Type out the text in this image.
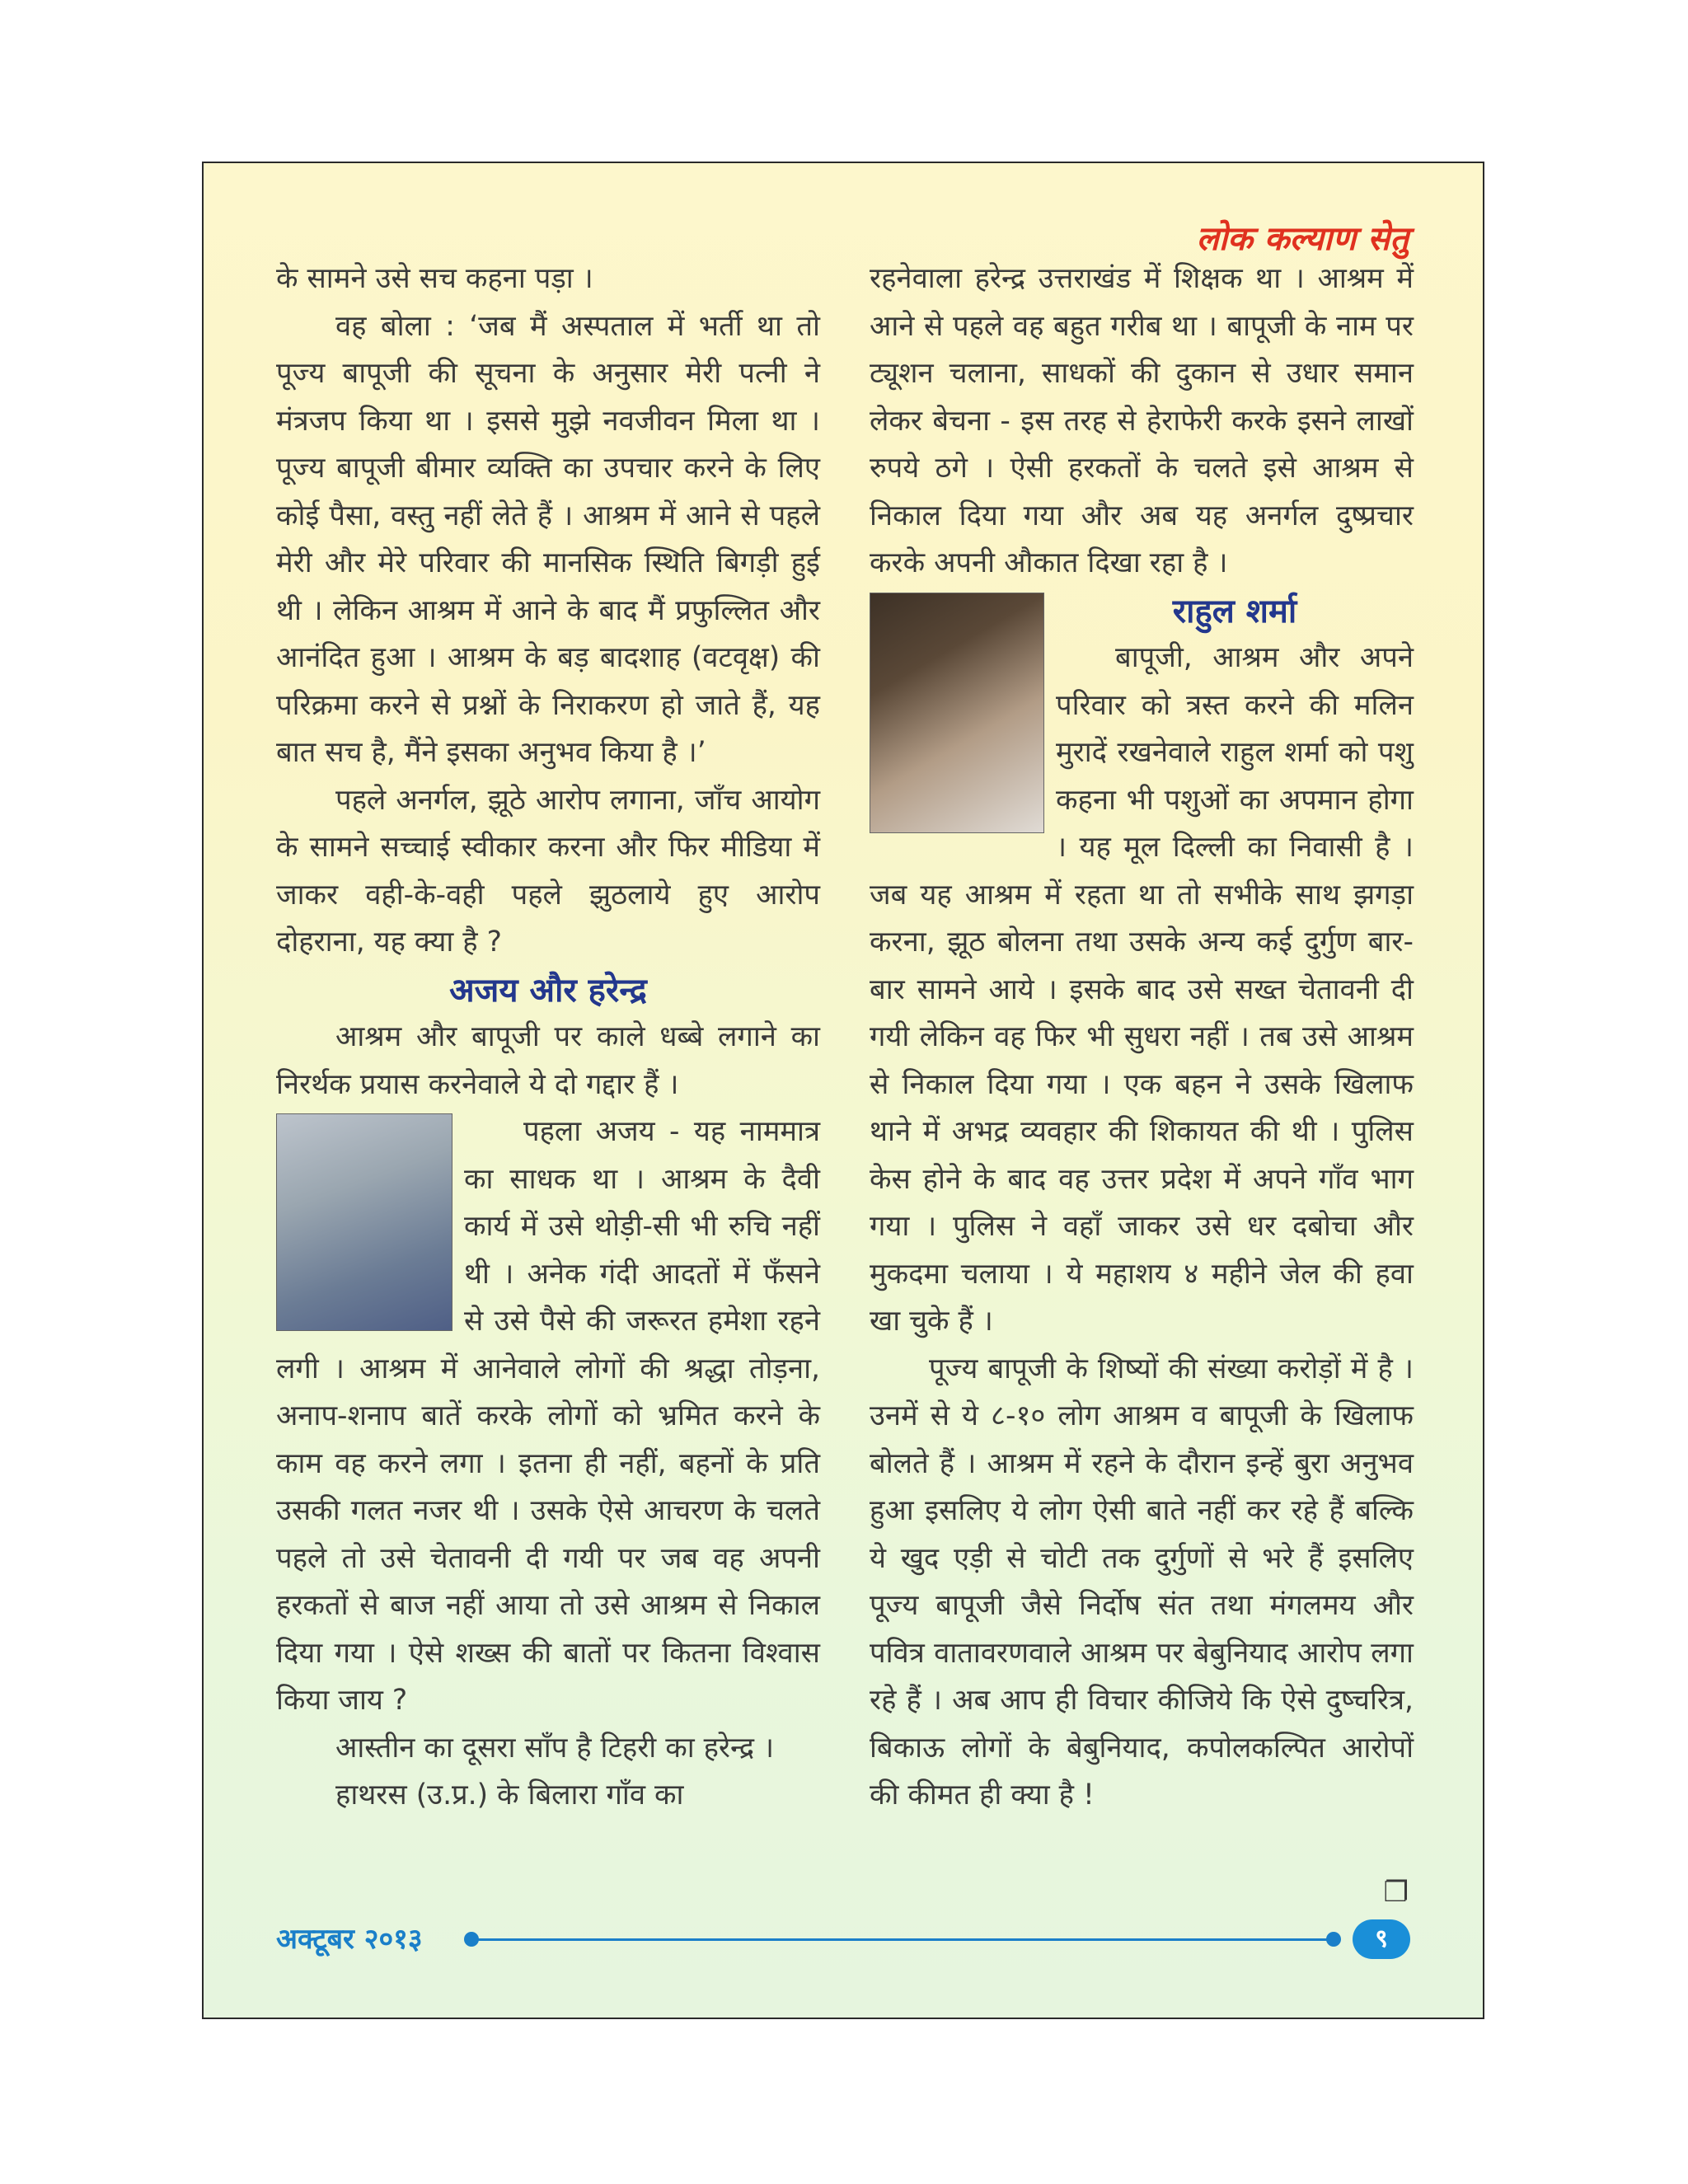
लोक कल्याण सेतु

के सामने उसे सच कहना पड़ा ।

वह बोला : ‘जब मैं अस्पताल में भर्ती था तो पूज्य बापूजी की सूचना के अनुसार मेरी पत्नी ने मंत्रजप किया था । इससे मुझे नवजीवन मिला था । पूज्य बापूजी बीमार व्यक्ति का उपचार करने के लिए कोई पैसा, वस्तु नहीं लेते हैं । आश्रम में आने से पहले मेरी और मेरे परिवार की मानसिक स्थिति बिगड़ी हुई थी । लेकिन आश्रम में आने के बाद मैं प्रफुल्लित और आनंदित हुआ । आश्रम के बड़ बादशाह (वटवृक्ष) की परिक्रमा करने से प्रश्नों के निराकरण हो जाते हैं, यह बात सच है, मैंने इसका अनुभव किया है ।’

पहले अनर्गल, झूठे आरोप लगाना, जाँच आयोग के सामने सच्चाई स्वीकार करना और फिर मीडिया में जाकर वही-के-वही पहले झुठलाये हुए आरोप दोहराना, यह क्या है ?

अजय और हरेन्द्र

आश्रम और बापूजी पर काले धब्बे लगाने का निरर्थक प्रयास करनेवाले ये दो गद्दार हैं ।

पहला अजय - यह नाममात्र का साधक था । आश्रम के दैवी कार्य में उसे थोड़ी-सी भी रुचि नहीं थी । अनेक गंदी आदतों में फँसने से उसे पैसे की जरूरत हमेशा रहने लगी । आश्रम में आनेवाले लोगों की श्रद्धा तोड़ना, अनाप-शनाप बातें करके लोगों को भ्रमित करने के काम वह करने लगा । इतना ही नहीं, बहनों के प्रति उसकी गलत नजर थी । उसके ऐसे आचरण के चलते पहले तो उसे चेतावनी दी गयी पर जब वह अपनी हरकतों से बाज नहीं आया तो उसे आश्रम से निकाल दिया गया । ऐसे शख्स की बातों पर कितना विश्वास किया जाय ?

आस्तीन का दूसरा साँप है टिहरी का हरेन्द्र ।

हाथरस (उ.प्र.) के बिलारा गाँव का

रहनेवाला हरेन्द्र उत्तराखंड में शिक्षक था । आश्रम में आने से पहले वह बहुत गरीब था । बापूजी के नाम पर ट्यूशन चलाना, साधकों की दुकान से उधार समान लेकर बेचना - इस तरह से हेराफेरी करके इसने लाखों रुपये ठगे । ऐसी हरकतों के चलते इसे आश्रम से निकाल दिया गया और अब यह अनर्गल दुष्प्रचार करके अपनी औकात दिखा रहा है ।

राहुल शर्मा

बापूजी, आश्रम और अपने परिवार को त्रस्त करने की मलिन मुरादें रखनेवाले राहुल शर्मा को पशु कहना भी पशुओं का अपमान होगा । यह मूल दिल्ली का निवासी है । जब यह आश्रम में रहता था तो सभीके साथ झगड़ा करना, झूठ बोलना तथा उसके अन्य कई दुर्गुण बार-बार सामने आये । इसके बाद उसे सख्त चेतावनी दी गयी लेकिन वह फिर भी सुधरा नहीं । तब उसे आश्रम से निकाल दिया गया । एक बहन ने उसके खिलाफ थाने में अभद्र व्यवहार की शिकायत की थी । पुलिस केस होने के बाद वह उत्तर प्रदेश में अपने गाँव भाग गया । पुलिस ने वहाँ जाकर उसे धर दबोचा और मुकदमा चलाया । ये महाशय ४ महीने जेल की हवा खा चुके हैं ।

पूज्य बापूजी के शिष्यों की संख्या करोड़ों में है । उनमें से ये ८-१० लोग आश्रम व बापूजी के खिलाफ बोलते हैं । आश्रम में रहने के दौरान इन्हें बुरा अनुभव हुआ इसलिए ये लोग ऐसी बाते नहीं कर रहे हैं बल्कि ये खुद एड़ी से चोटी तक दुर्गुणों से भरे हैं इसलिए पूज्य बापूजी जैसे निर्दोष संत तथा मंगलमय और पवित्र वातावरणवाले आश्रम पर बेबुनियाद आरोप लगा रहे हैं । अब आप ही विचार कीजिये कि ऐसे दुष्चरित्र, बिकाऊ लोगों के बेबुनियाद, कपोलकल्पित आरोपों की कीमत ही क्या है !

❐
अक्टूबर २०१३	९
